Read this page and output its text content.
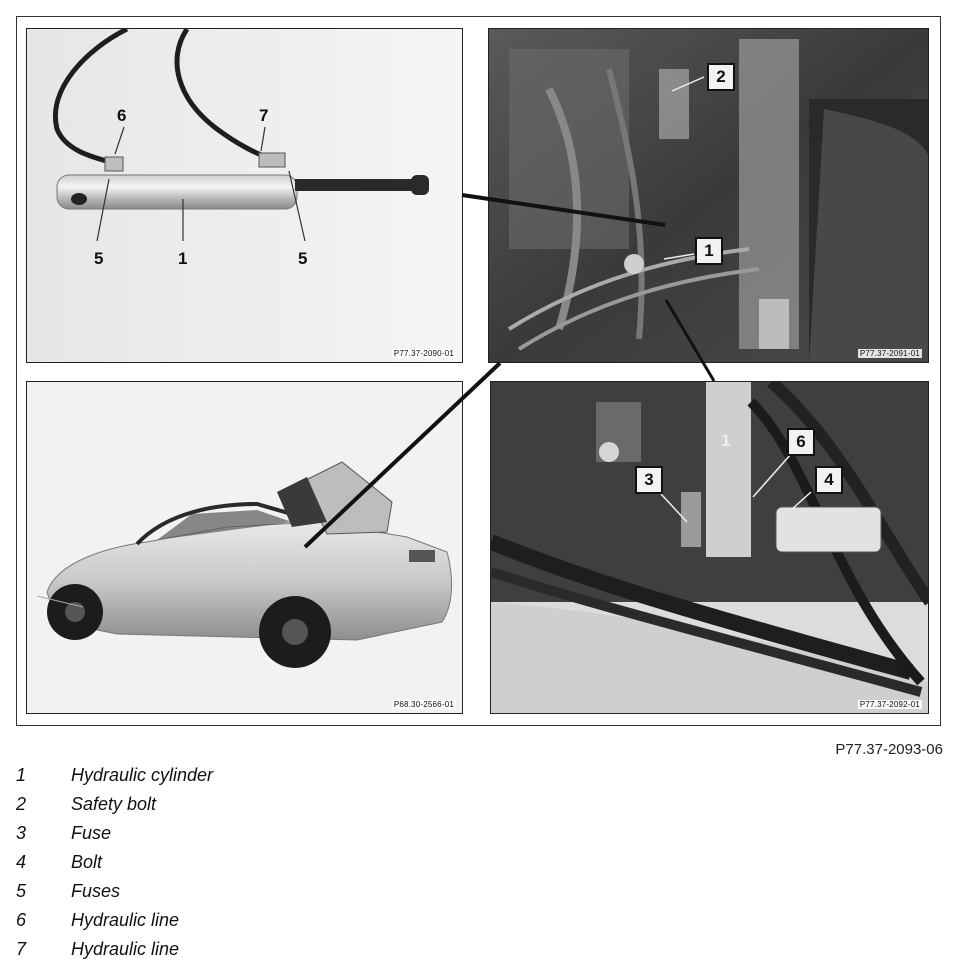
6	7
5	1	5
P77.37-2090-01
2
1
P77.37-2091-01
P68.30-2566-01
1	6
3	4
P77.37-2092-01
P77.37-2093-06
1 Hydraulic cylinder
2 Safety bolt
3 Fuse
4 Bolt
5 Fuses
6 Hydraulic line
7 Hydraulic line
